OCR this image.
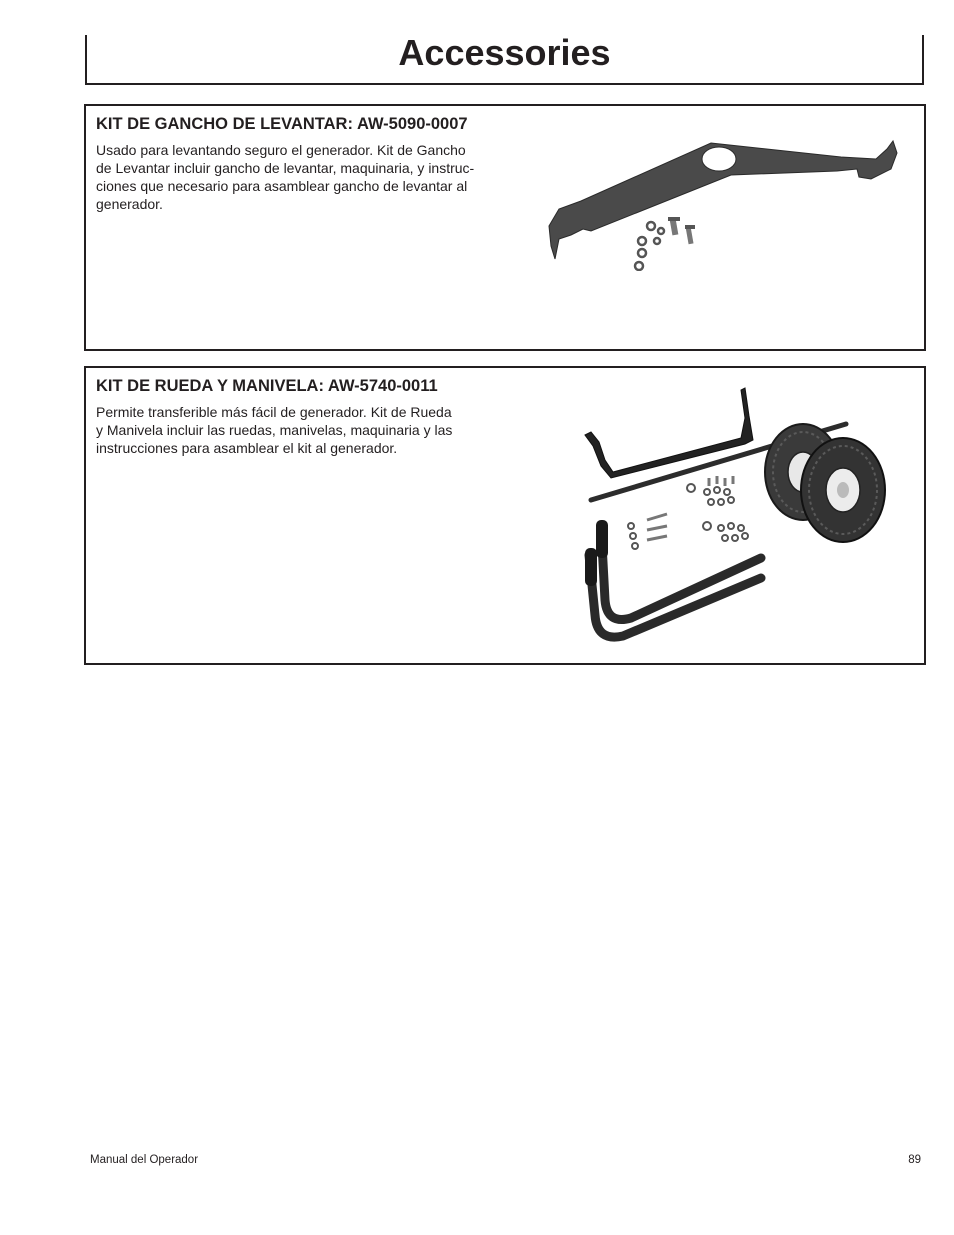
Accessories
KIT DE GANCHO DE LEVANTAR: AW-5090-0007

Usado para levantando seguro el generador. Kit de Gancho
de Levantar incluir gancho de levantar, maquinaria, y instruc-
ciones que necesario para asamblear gancho de levantar al
generador.

KIT DE RUEDA Y MANIVELA: AW-5740-0011

Permite transferible más fácil de generador. Kit de Rueda
y Manivela incluir las ruedas, manivelas, maquinaria y las
instrucciones para asamblear el kit al generador.

Manual del Operador	89
